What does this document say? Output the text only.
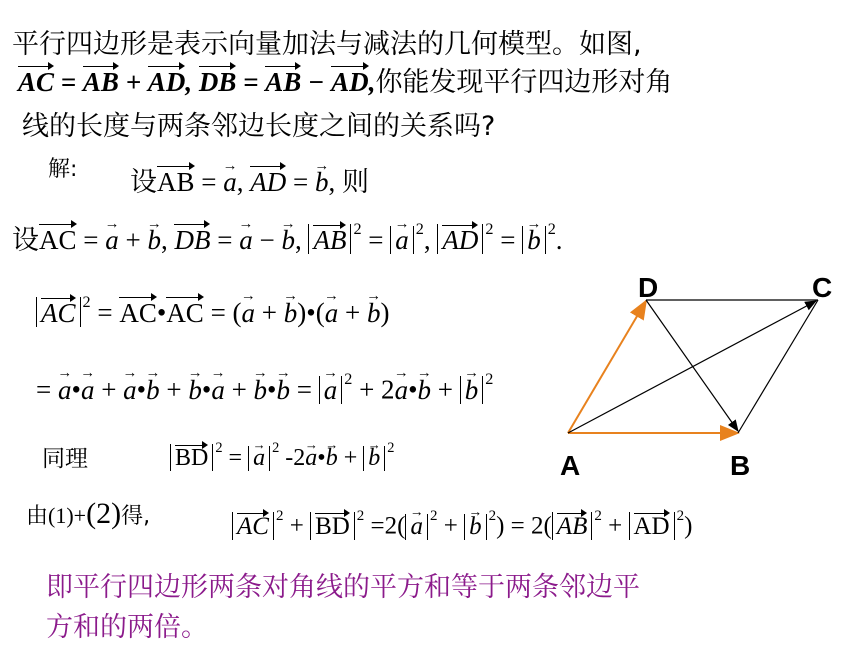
平行四边形是表示向量加法与减法的几何模型。如图,
AC = AB + AD, DB = AB − AD,你能发现平行四边形对角
线的长度与两条邻边长度之间的关系吗?
解: 设AB = → a, AD = → b, 则
设AC = → a + → b, DB = → a − → b, AB $^2$ = → a $^2$, AD $^2$ = → b $^2$.
AC $^2$ = AC•AC = (→ a + → b)•(→ a + → b)
= → a•→ a + → a•→ b + → b•→ a + → b•→ b = → a $^2$ + 2→ a•→ b + → b $^2$
同理	BD $^2$ = → a $^2$ -2→ a•→ b + → b $^2$
由(1)+(2)得,	AC $^2$ + BD $^2$ =2(→ a $^2$ + → b $^2$) = 2( AB $^2$ + AD $^2$)
即平行四边形两条对角线的平方和等于两条邻边平
方和的两倍。
D	C
A	B
